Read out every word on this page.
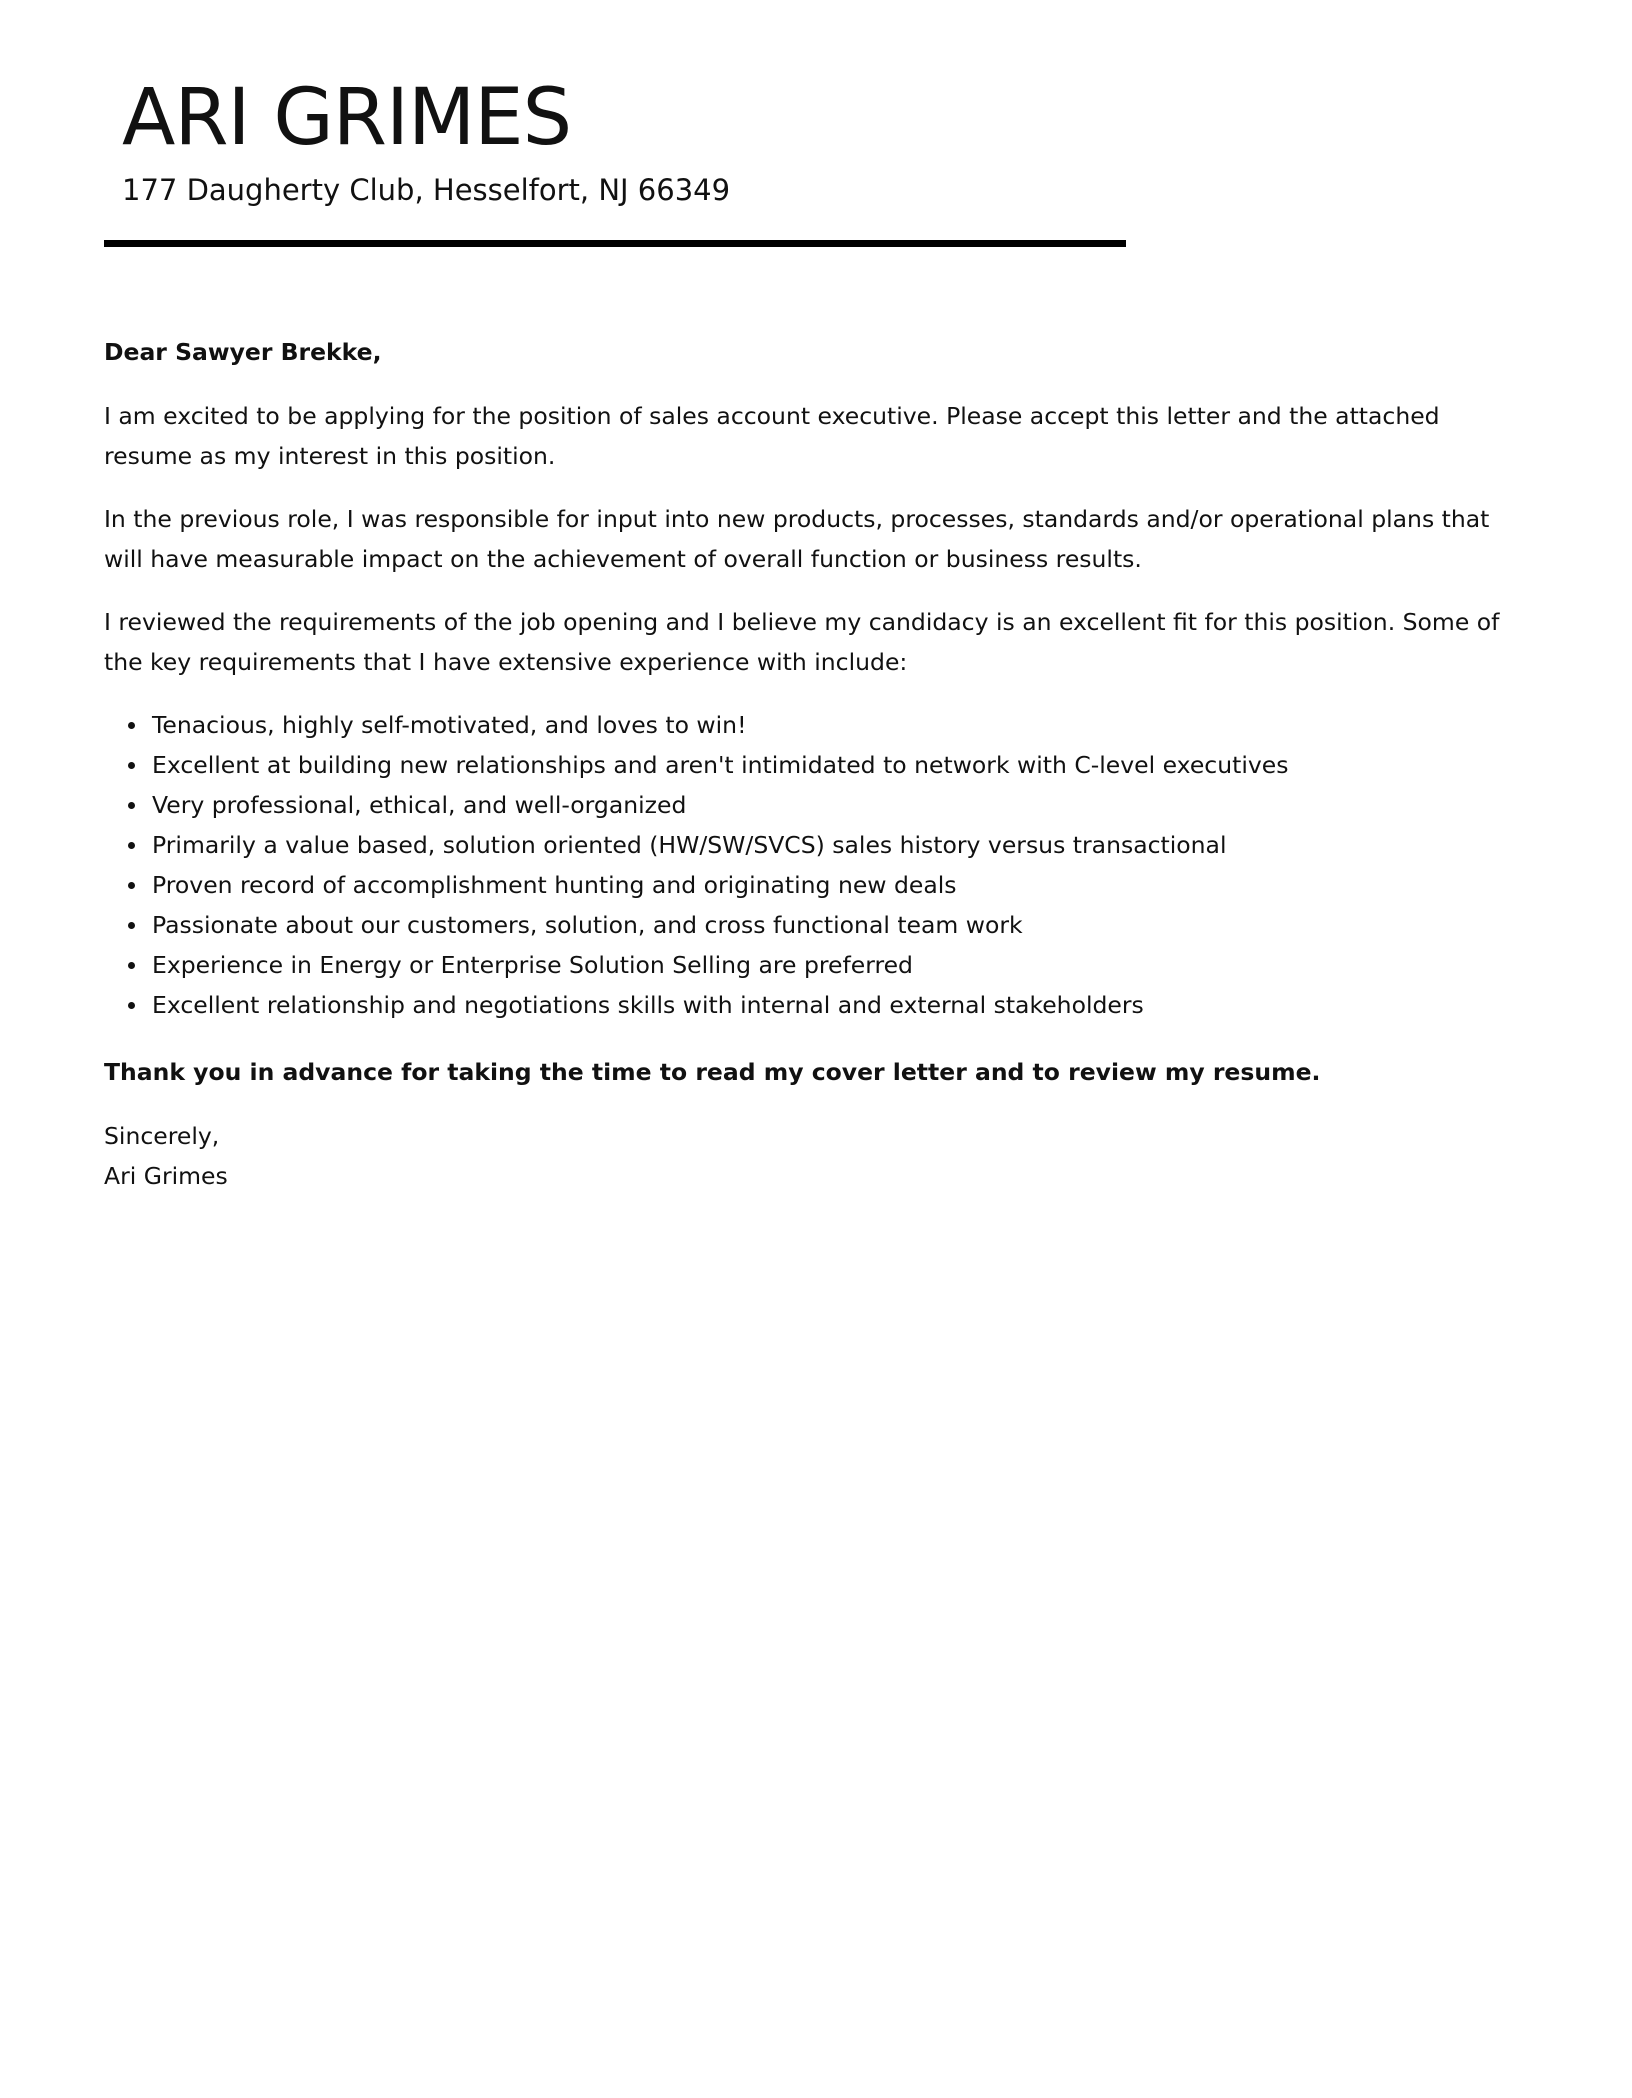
ARI GRIMES

177 Daugherty Club, Hesselfort, NJ 66349

Dear Sawyer Brekke,

I am excited to be applying for the position of sales account executive. Please accept this letter and the attached resume as my interest in this position.

In the previous role, I was responsible for input into new products, processes, standards and/or operational plans that will have measurable impact on the achievement of overall function or business results.

I reviewed the requirements of the job opening and I believe my candidacy is an excellent fit for this position. Some of the key requirements that I have extensive experience with include:

Tenacious, highly self-motivated, and loves to win!
Excellent at building new relationships and aren't intimidated to network with C-level executives
Very professional, ethical, and well-organized
Primarily a value based, solution oriented (HW/SW/SVCS) sales history versus transactional
Proven record of accomplishment hunting and originating new deals
Passionate about our customers, solution, and cross functional team work
Experience in Energy or Enterprise Solution Selling are preferred
Excellent relationship and negotiations skills with internal and external stakeholders

Thank you in advance for taking the time to read my cover letter and to review my resume.

Sincerely,

Ari Grimes
